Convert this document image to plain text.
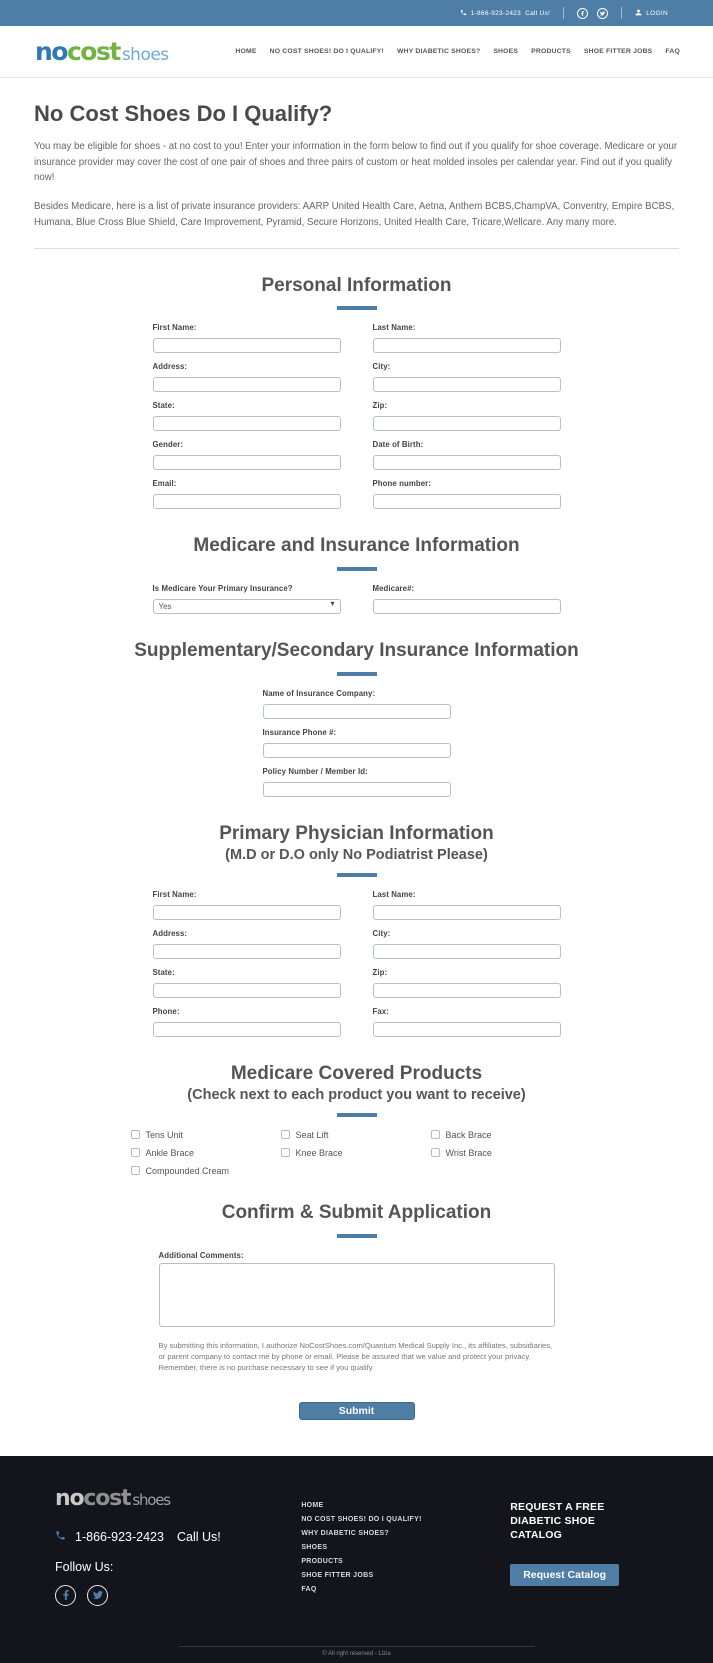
1-866-923-2423 Call Us!	LOGIN
nocost shoes	HOME NO COST SHOES! DO I QUALIFY! WHY DIABETIC SHOES? SHOES PRODUCTS SHOE FITTER JOBS FAQ
No Cost Shoes Do I Qualify?

You may be eligible for shoes - at no cost to you! Enter your information in the form below to find out if you qualify for shoe coverage. Medicare or your insurance provider may cover the cost of one pair of shoes and three pairs of custom or heat molded insoles per calendar year. Find out if you qualify now!

Besides Medicare, here is a list of private insurance providers: AARP United Health Care, Aetna, Anthem BCBS,ChampVA, Conventry, Empire BCBS, Humana, Blue Cross Blue Shield, Care Improvement, Pyramid, Secure Horizons, United Health Care, Tricare,Wellcare. Any many more.

Personal Information
First Name:	Last Name:
Address:	City:
State:	Zip:
Gender:	Date of Birth:
Email:	Phone number:
Medicare and Insurance Information
Is Medicare Your Primary Insurance?
Yes ▾	Medicare#:
Supplementary/Secondary Insurance Information
Name of Insurance Company:
Insurance Phone #:
Policy Number / Member Id:
Primary Physician Information
(M.D or D.O only No Podiatrist Please)
First Name:	Last Name:
Address:	City:
State:	Zip:
Phone:	Fax:
Medicare Covered Products
(Check next to each product you want to receive)
Tens Unit	Seat Lift	Back Brace
Ankle Brace	Knee Brace	Wrist Brace
Compounded Cream
Confirm & Submit Application
Additional Comments:

By submitting this information, I authorize NoCostShoes.com/Quantum Medical Supply Inc., its affiliates, subsidiaries, or parent company to contact me by phone or email. Please be assured that we value and protect your privacy. Remember, there is no purchase necessary to see if you qualify.

Submit
nocost shoes
1-866-923-2423 Call Us!
Follow Us:
HOME
NO COST SHOES! DO I QUALIFY!
WHY DIABETIC SHOES?
SHOES
PRODUCTS
SHOE FITTER JOBS
FAQ
REQUEST A FREE DIABETIC SHOE CATALOG
Request Catalog
© All right reserved - Lizia
